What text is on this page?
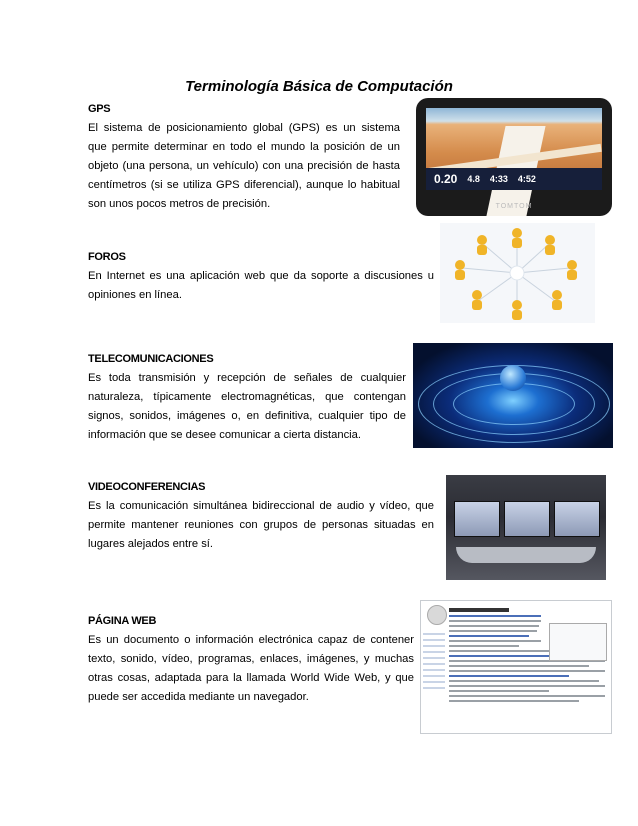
Terminología Básica de Computación
GPS
El sistema de posicionamiento global (GPS) es un sistema que permite determinar en todo el mundo la posición de un objeto (una persona, un vehículo) con una precisión de hasta centímetros (si se utiliza GPS diferencial), aunque lo habitual son unos pocos metros de precisión.
0.20 4.8 4:33 4:52
TOMTOM
FOROS
En Internet es una aplicación web que da soporte a discusiones u opiniones en línea.
TELECOMUNICACIONES
Es toda transmisión y recepción de señales de cualquier naturaleza, típicamente electromagnéticas, que contengan signos, sonidos, imágenes o, en definitiva, cualquier tipo de información que se desee comunicar a cierta distancia.
VIDEOCONFERENCIAS
Es la comunicación simultánea bidireccional de audio y vídeo, que permite mantener reuniones con grupos de personas situadas en lugares alejados entre sí.
PÁGINA WEB
Es un documento o información electrónica capaz de contener texto, sonido, vídeo, programas, enlaces, imágenes, y muchas otras cosas, adaptada para la llamada World Wide Web, y que puede ser accedida mediante un navegador.
